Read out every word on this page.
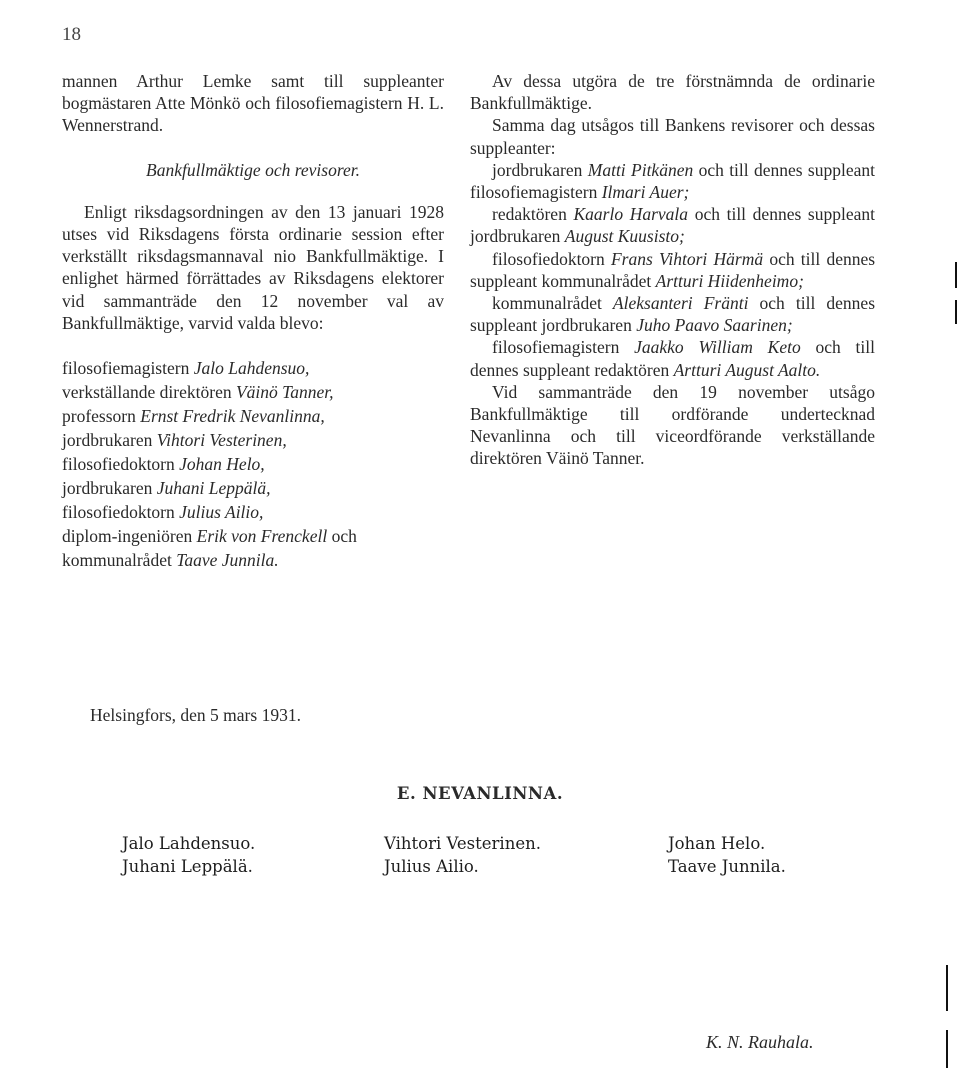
18

mannen Arthur Lemke samt till suppleanter bogmästaren Atte Mönkö och filosofiemagistern H. L. Wennerstrand.

Bankfullmäktige och revisorer.

Enligt riksdagsordningen av den 13 januari 1928 utses vid Riksdagens första ordinarie session efter verkställt riksdagsmannaval nio Bankfullmäktige. I enlighet härmed förrättades av Riksdagens elektorer vid sammanträde den 12 november val av Bankfullmäktige, varvid valda blevo:

filosofiemagistern Jalo Lahdensuo,
verkställande direktören Väinö Tanner,
professorn Ernst Fredrik Nevanlinna,
jordbrukaren Vihtori Vesterinen,
filosofiedoktorn Johan Helo,
jordbrukaren Juhani Leppälä,
filosofiedoktorn Julius Ailio,
diplom-ingeniören Erik von Frenckell och
kommunalrådet Taave Junnila.

Av dessa utgöra de tre förstnämnda de ordinarie Bankfullmäktige.

Samma dag utsågos till Bankens revisorer och dessas suppleanter:

jordbrukaren Matti Pitkänen och till dennes suppleant filosofiemagistern Ilmari Auer;

redaktören Kaarlo Harvala och till dennes suppleant jordbrukaren August Kuusisto;

filosofiedoktorn Frans Vihtori Härmä och till dennes suppleant kommunalrådet Artturi Hiidenheimo;

kommunalrådet Aleksanteri Fränti och till dennes suppleant jordbrukaren Juho Paavo Saarinen;

filosofiemagistern Jaakko William Keto och till dennes suppleant redaktören Artturi August Aalto.

Vid sammanträde den 19 november utsågo Bankfullmäktige till ordförande undertecknad Nevanlinna och till viceordförande verkställande direktören Väinö Tanner.

Helsingfors, den 5 mars 1931.
E. NEVANLINNA.
Jalo Lahdensuo.
Juhani Leppälä.
Vihtori Vesterinen.
Julius Ailio.
Johan Helo.
Taave Junnila.
K. N. Rauhala.
